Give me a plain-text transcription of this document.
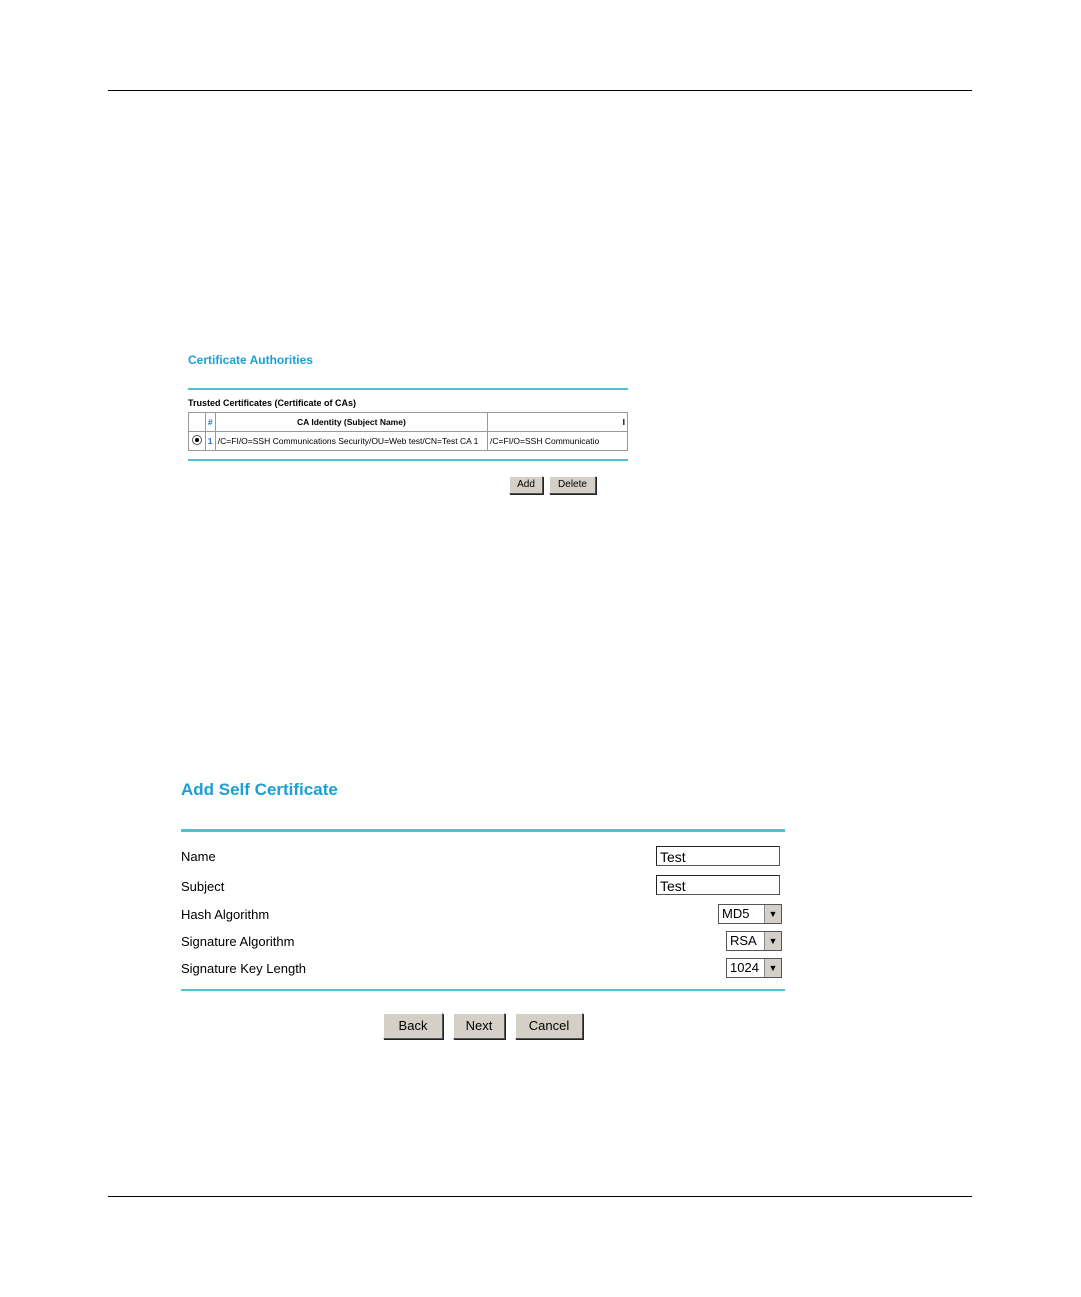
Certificate Authorities
Trusted Certificates (Certificate of CAs)
	#	CA Identity (Subject Name)	I
	1	/C=FI/O=SSH Communications Security/OU=Web test/CN=Test CA 1	/C=FI/O=SSH Communicatio
Add	Delete
Add Self Certificate
Name	Test
Subject	Test
Hash Algorithm	MD5	▼
Signature Algorithm	RSA	▼
Signature Key Length	1024	▼
Back	Next	Cancel
